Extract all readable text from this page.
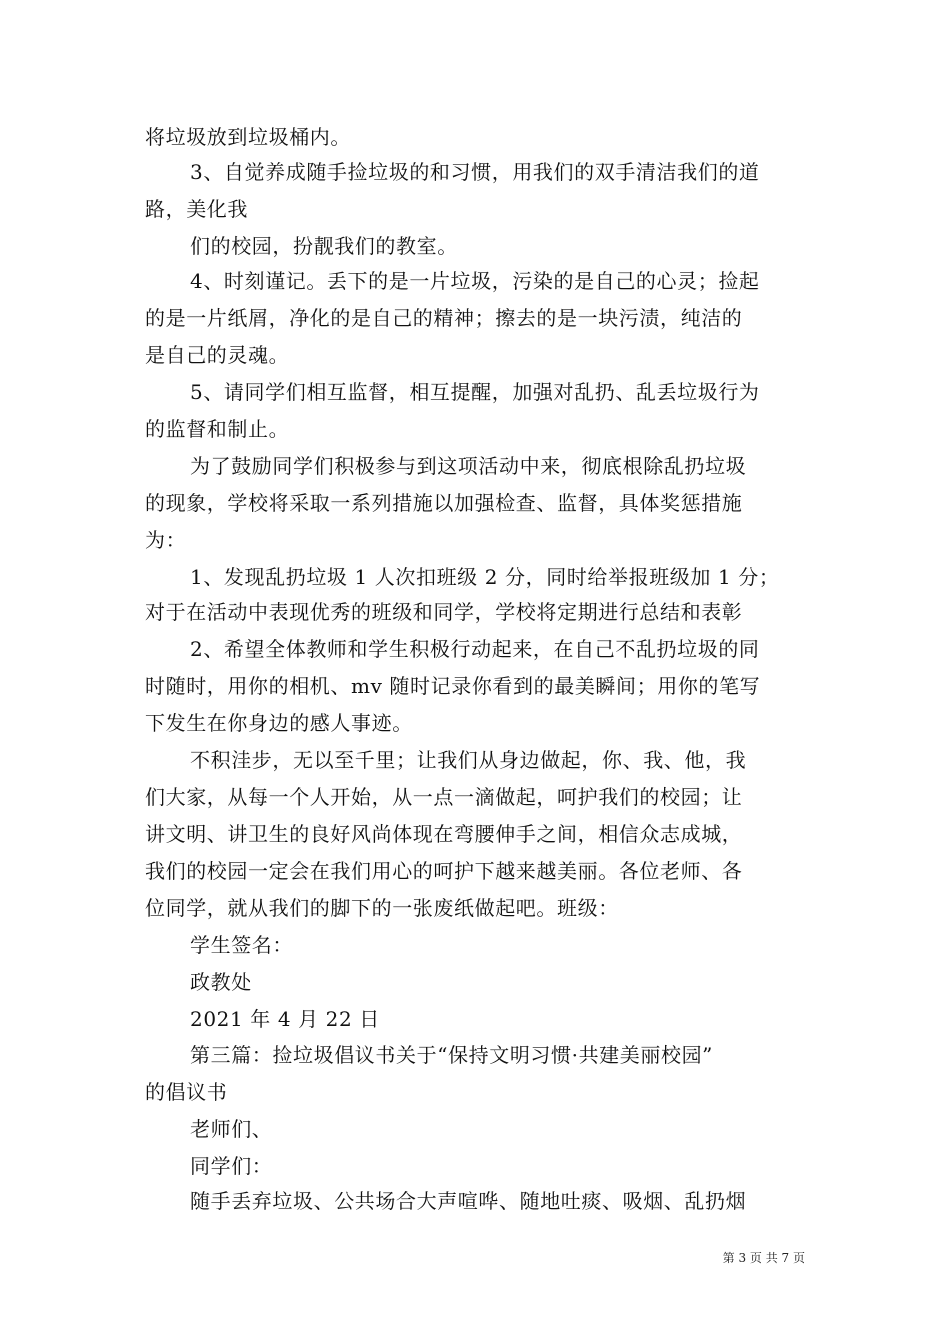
将垃圾放到垃圾桶内。
3、自觉养成随手捡垃圾的和习惯，用我们的双手清洁我们的道
路，美化我
们的校园，扮靓我们的教室。
4、时刻谨记。丢下的是一片垃圾，污染的是自己的心灵；捡起
的是一片纸屑，净化的是自己的精神；擦去的是一块污渍，纯洁的
是自己的灵魂。
5、请同学们相互监督，相互提醒，加强对乱扔、乱丢垃圾行为
的监督和制止。
为了鼓励同学们积极参与到这项活动中来，彻底根除乱扔垃圾
的现象，学校将采取一系列措施以加强检查、监督，具体奖惩措施
为：
1、发现乱扔垃圾 1 人次扣班级 2 分，同时给举报班级加 1 分；
对于在活动中表现优秀的班级和同学，学校将定期进行总结和表彰
2、希望全体教师和学生积极行动起来，在自己不乱扔垃圾的同
时随时，用你的相机、mv 随时记录你看到的最美瞬间；用你的笔写
下发生在你身边的感人事迹。
不积洼步，无以至千里；让我们从身边做起，你、我、他，我
们大家，从每一个人开始，从一点一滴做起，呵护我们的校园；让
讲文明、讲卫生的良好风尚体现在弯腰伸手之间，相信众志成城，
我们的校园一定会在我们用心的呵护下越来越美丽。各位老师、各
位同学，就从我们的脚下的一张废纸做起吧。班级：
学生签名：
政教处
2021 年 4 月 22 日
第三篇：捡垃圾倡议书关于“保持文明习惯·共建美丽校园”
的倡议书
老师们、
同学们：
随手丢弃垃圾、公共场合大声喧哗、随地吐痰、吸烟、乱扔烟
第 3 页 共 7 页
